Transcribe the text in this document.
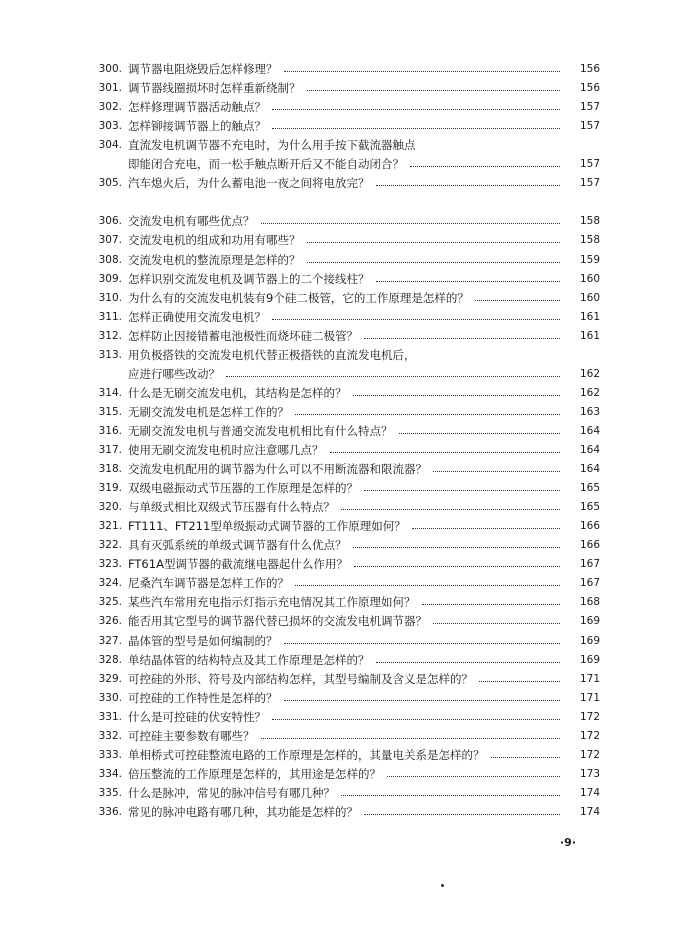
300. 调节器电阻烧毁后怎样修理？	156
301. 调节器线圈损坏时怎样重新绕制？	156
302. 怎样修理调节器活动触点？	157
303. 怎样铆接调节器上的触点？	157
304. 直流发电机调节器不充电时，为什么用手按下截流器触点
即能闭合充电，而一松手触点断开后又不能自动闭合？	157
305. 汽车熄火后，为什么蓄电池一夜之间将电放完？	157
306. 交流发电机有哪些优点？	158
307. 交流发电机的组成和功用有哪些？	158
308. 交流发电机的整流原理是怎样的？	159
309. 怎样识别交流发电机及调节器上的二个接线柱？	160
310. 为什么有的交流发电机装有9个硅二极管，它的工作原理是怎样的？	160
311. 怎样正确使用交流发电机？	161
312. 怎样防止因接错蓄电池极性而烧坏硅二极管？	161
313. 用负极搭铁的交流发电机代替正极搭铁的直流发电机后，
应进行哪些改动？	162
314. 什么是无刷交流发电机，其结构是怎样的？	162
315. 无刷交流发电机是怎样工作的？	163
316. 无刷交流发电机与普通交流发电机相比有什么特点？	164
317. 使用无刷交流发电机时应注意哪几点？	164
318. 交流发电机配用的调节器为什么可以不用断流器和限流器？	164
319. 双级电磁振动式节压器的工作原理是怎样的？	165
320. 与单级式相比双级式节压器有什么特点？	165
321. FT111、FT211型单级振动式调节器的工作原理如何？	166
322. 具有灭弧系统的单级式调节器有什么优点？	166
323. FT61A型调节器的截流继电器起什么作用？	167
324. 尼桑汽车调节器是怎样工作的？	167
325. 某些汽车常用充电指示灯指示充电情况其工作原理如何？	168
326. 能否用其它型号的调节器代替已损坏的交流发电机调节器？	169
327. 晶体管的型号是如何编制的？	169
328. 单结晶体管的结构特点及其工作原理是怎样的？	169
329. 可控硅的外形、符号及内部结构怎样，其型号编制及含义是怎样的？	171
330. 可控硅的工作特性是怎样的？	171
331. 什么是可控硅的伏安特性？	172
332. 可控硅主要参数有哪些？	172
333. 单相桥式可控硅整流电路的工作原理是怎样的，其量电关系是怎样的？	172
334. 倍压整流的工作原理是怎样的，其用途是怎样的？	173
335. 什么是脉冲，常见的脉冲信号有哪几种？	174
336. 常见的脉冲电路有哪几种，其功能是怎样的？	174
·9·
